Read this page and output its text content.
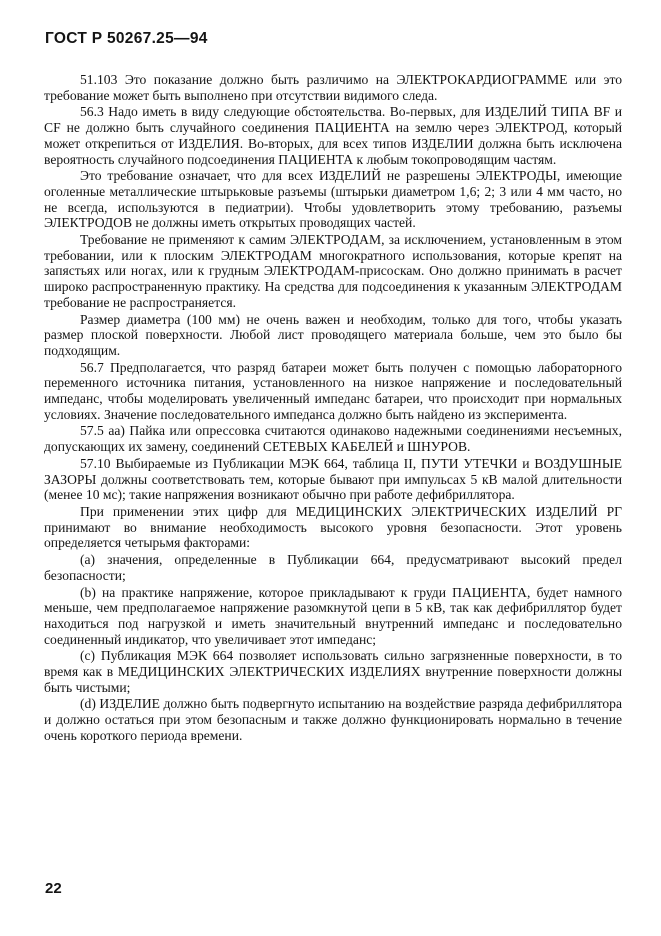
ГОСТ Р 50267.25—94

51.103 Это показание должно быть различимо на ЭЛЕКТРОКАРДИОГРАММЕ или это требование может быть выполнено при отсутствии видимого следа.

56.3 Надо иметь в виду следующие обстоятельства. Во-первых, для ИЗДЕЛИЙ ТИПА BF и CF не должно быть случайного соединения ПАЦИЕНТА на землю через ЭЛЕКТРОД, который может открепиться от ИЗДЕЛИЯ. Во-вторых, для всех типов ИЗДЕЛИИ должна быть исключена вероятность случайного подсоединения ПАЦИЕНТА к любым токопроводящим частям.

Это требование означает, что для всех ИЗДЕЛИЙ не разрешены ЭЛЕКТРОДЫ, имеющие оголенные металлические штырьковые разъемы (штырьки диаметром 1,6; 2; 3 или 4 мм часто, но не всегда, используются в педиатрии). Чтобы удовлетворить этому требованию, разъемы ЭЛЕКТРОДОВ не должны иметь открытых проводящих частей.

Требование не применяют к самим ЭЛЕКТРОДАМ, за исключением, установленным в этом требовании, или к плоским ЭЛЕКТРОДАМ многократного использования, которые крепят на запястьях или ногах, или к грудным ЭЛЕКТРОДАМ-присоскам. Оно должно принимать в расчет широко распространенную практику. На средства для подсоединения к указанным ЭЛЕКТРОДАМ требование не распространяется.

Размер диаметра (100 мм) не очень важен и необходим, только для того, чтобы указать размер плоской поверхности. Любой лист проводящего материала больше, чем это было бы подходящим.

56.7 Предполагается, что разряд батареи может быть получен с помощью лабораторного переменного источника питания, установленного на низкое напряжение и последовательный импеданс, чтобы моделировать увеличенный импеданс батареи, что происходит при нормальных условиях. Значение последовательного импеданса должно быть найдено из эксперимента.

57.5 аа) Пайка или опрессовка считаются одинаково надежными соединениями несъемных, допускающих их замену, соединений СЕТЕВЫХ КАБЕЛЕЙ и ШНУРОВ.

57.10 Выбираемые из Публикации МЭК 664, таблица II, ПУТИ УТЕЧКИ и ВОЗДУШНЫЕ ЗАЗОРЫ должны соответствовать тем, которые бывают при импульсах 5 кВ малой длительности (менее 10 мс); такие напряжения возникают обычно при работе дефибриллятора.

При применении этих цифр для МЕДИЦИНСКИХ ЭЛЕКТРИЧЕСКИХ ИЗДЕЛИЙ РГ принимают во внимание необходимость высокого уровня безопасности. Этот уровень определяется четырьмя факторами:

(а) значения, определенные в Публикации 664, предусматривают высокий предел безопасности;

(b) на практике напряжение, которое прикладывают к груди ПАЦИЕНТА, будет намного меньше, чем предполагаемое напряжение разомкнутой цепи в 5 кВ, так как дефибриллятор будет находиться под нагрузкой и иметь значительный внутренний импеданс и последовательно соединенный индикатор, что увеличивает этот импеданс;

(с) Публикация МЭК 664 позволяет использовать сильно загрязненные поверхности, в то время как в МЕДИЦИНСКИХ ЭЛЕКТРИЧЕСКИХ ИЗДЕЛИЯХ внутренние поверхности должны быть чистыми;

(d) ИЗДЕЛИЕ должно быть подвергнуто испытанию на воздействие разряда дефибриллятора и должно остаться при этом безопасным и также должно функционировать нормально в течение очень короткого периода времени.

22
